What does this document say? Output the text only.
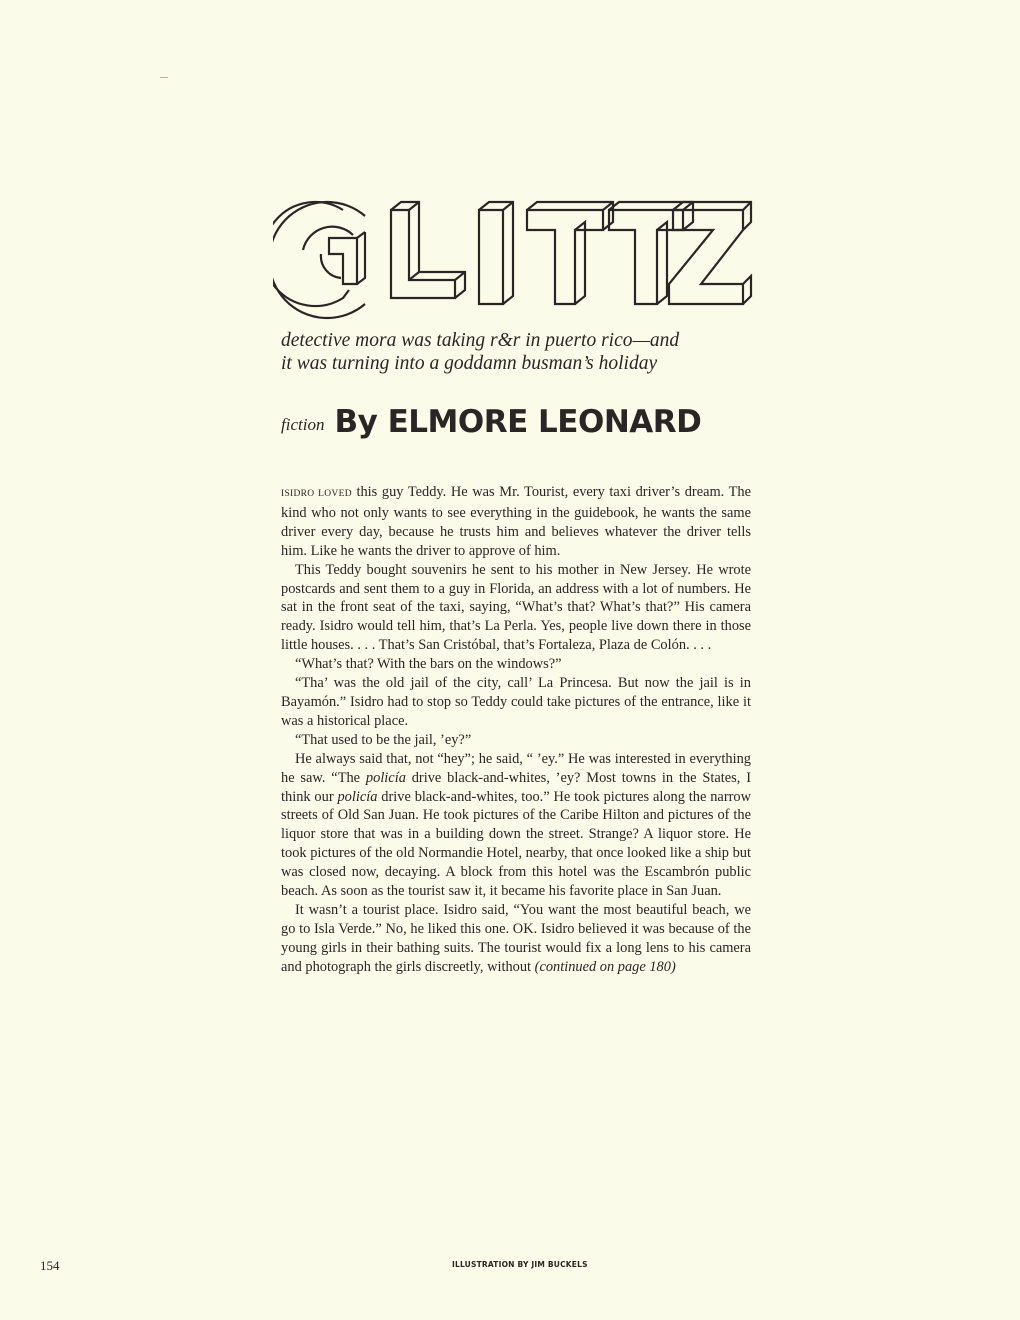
detective mora was taking r&r in puerto rico—and
it was turning into a goddamn busman’s holiday
fiction By ELMORE LEONARD

ISIDRO LOVED this guy Teddy. He was Mr. Tourist, every taxi driver’s dream. The kind who not only wants to see everything in the guidebook, he wants the same driver every day, because he trusts him and believes whatever the driver tells him. Like he wants the driver to approve of him.

This Teddy bought souvenirs he sent to his mother in New Jersey. He wrote postcards and sent them to a guy in Florida, an address with a lot of numbers. He sat in the front seat of the taxi, saying, “What’s that? What’s that?” His camera ready. Isidro would tell him, that’s La Perla. Yes, people live down there in those little houses. . . . That’s San Cristóbal, that’s Fortaleza, Plaza de Colón. . . .

“What’s that? With the bars on the windows?”

“Tha’ was the old jail of the city, call’ La Princesa. But now the jail is in Bayamón.” Isidro had to stop so Teddy could take pictures of the entrance, like it was a historical place.

“That used to be the jail, ’ey?”

He always said that, not “hey”; he said, “ ’ey.” He was interested in everything he saw. “The policía drive black-and-whites, ’ey? Most towns in the States, I think our policía drive black-and-whites, too.” He took pictures along the narrow streets of Old San Juan. He took pictures of the Caribe Hilton and pictures of the liquor store that was in a building down the street. Strange? A liquor store. He took pictures of the old Normandie Hotel, nearby, that once looked like a ship but was closed now, decaying. A block from this hotel was the Escambrón public beach. As soon as the tourist saw it, it became his favorite place in San Juan.

It wasn’t a tourist place. Isidro said, “You want the most beautiful beach, we go to Isla Verde.” No, he liked this one. OK. Isidro believed it was because of the young girls in their bathing suits. The tourist would fix a long lens to his camera and photograph the girls discreetly, without (continued on page 180)

154	ILLUSTRATION BY JIM BUCKELS
